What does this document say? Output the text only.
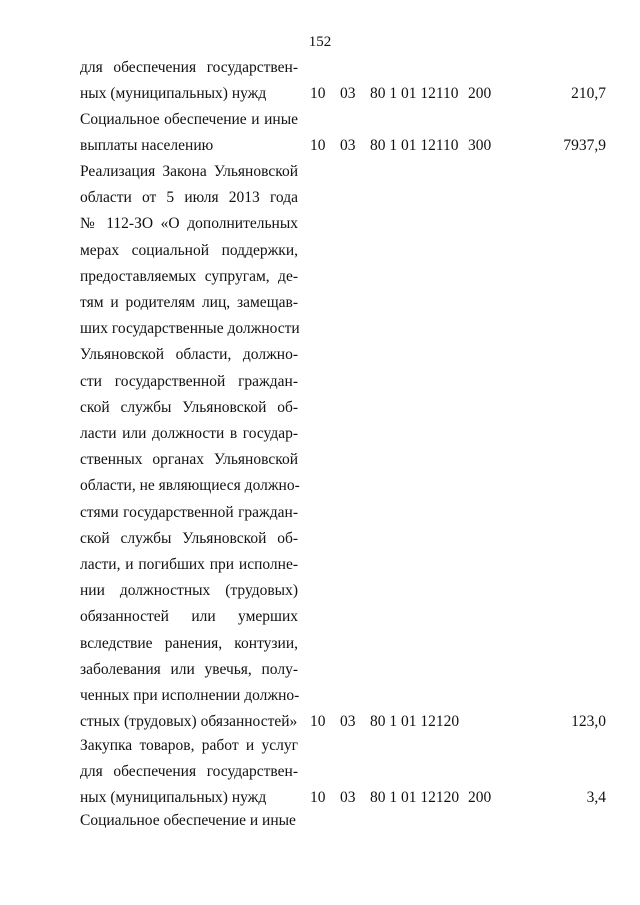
152
для обеспечения государствен-
ных (муниципальных) нужд	10 03 80 1 01 12110 200	210,7
Социальное обеспечение и иные
выплаты населению	10 03 80 1 01 12110 300	7937,9
Реализация Закона Ульяновской
области от 5 июля 2013 года
№ 112-ЗО «О дополнительных
мерах социальной поддержки,
предоставляемых супругам, де-
тям и родителям лиц, замещав-
ших государственные должности
Ульяновской области, должно-
сти государственной граждан-
ской службы Ульяновской об-
ласти или должности в государ-
ственных органах Ульяновской
области, не являющиеся должно-
стями государственной граждан-
ской службы Ульяновской об-
ласти, и погибших при исполне-
нии должностных (трудовых)
обязанностей или умерших
вследствие ранения, контузии,
заболевания или увечья, полу-
ченных при исполнении должно-
стных (трудовых) обязанностей» 10 03 80 1 01 12120	123,0
Закупка товаров, работ и услуг
для обеспечения государствен-
ных (муниципальных) нужд	10 03 80 1 01 12120 200	3,4
Социальное обеспечение и иные
